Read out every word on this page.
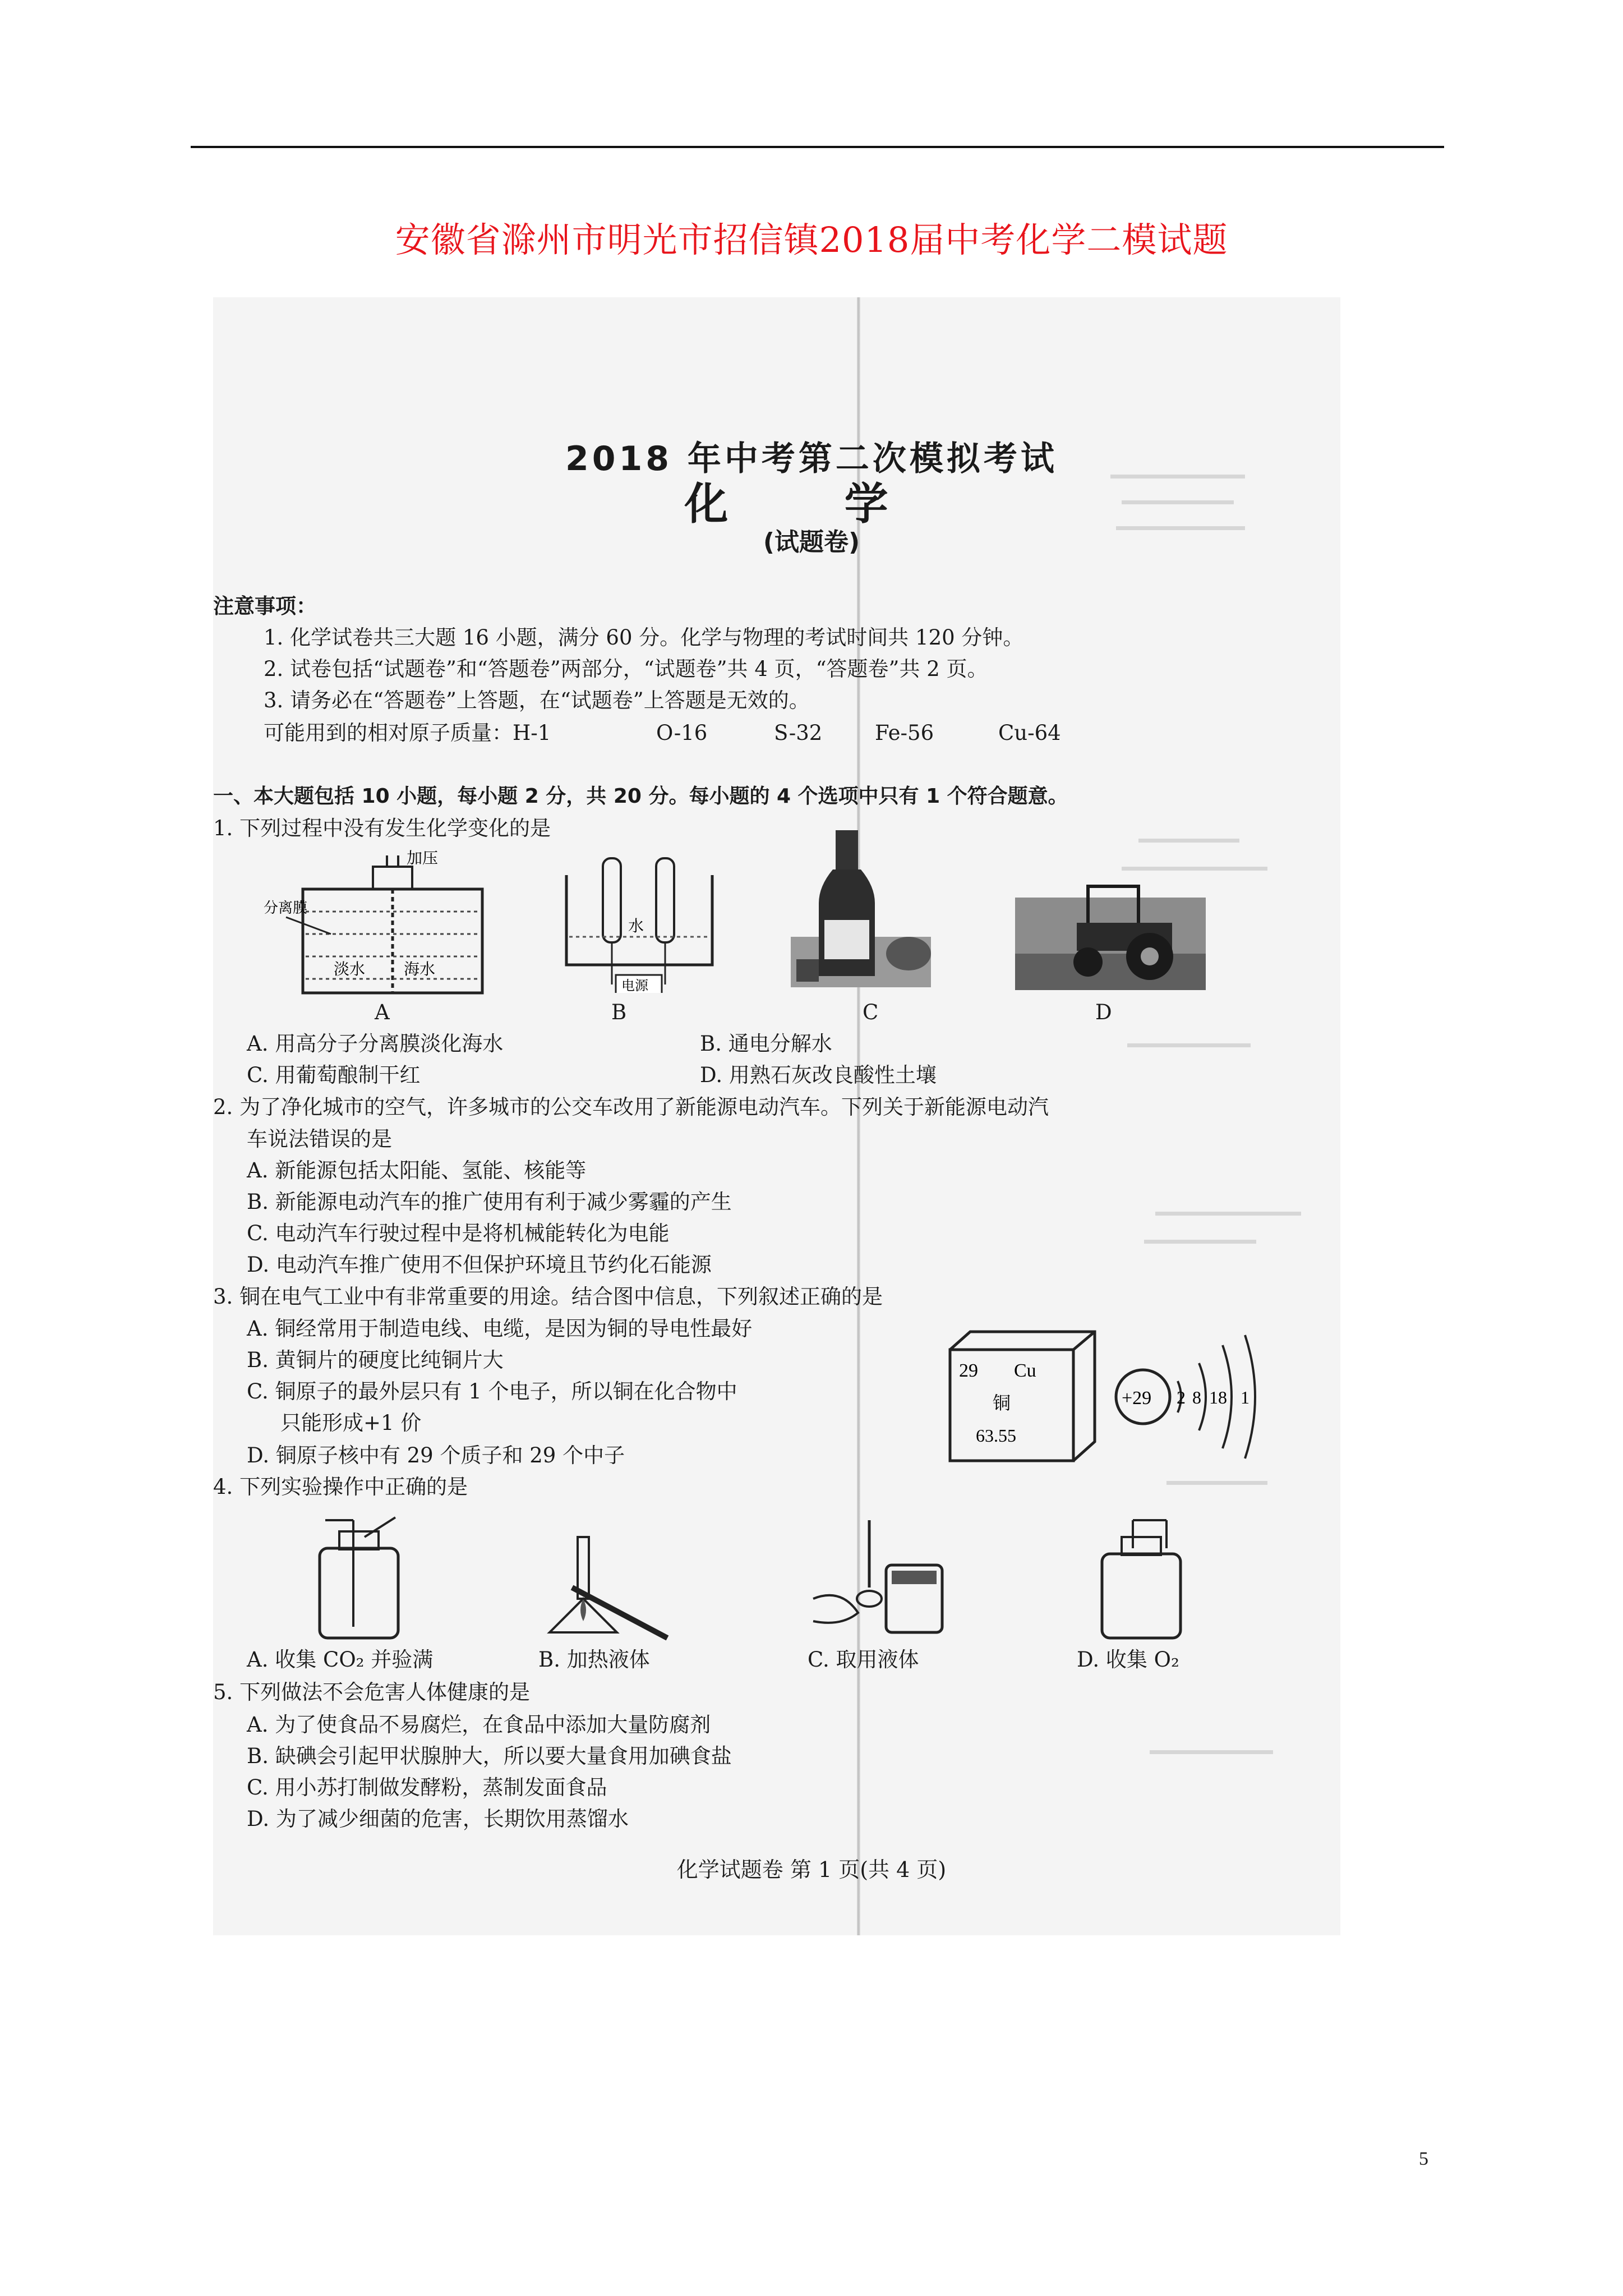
安徽省滁州市明光市招信镇2018届中考化学二模试题
2018 年中考第二次模拟考试
化 学
(试题卷)
注意事项：
1. 化学试卷共三大题 16 小题，满分 60 分。化学与物理的考试时间共 120 分钟。
2. 试卷包括“试题卷”和“答题卷”两部分，“试题卷”共 4 页，“答题卷”共 2 页。
3. 请务必在“答题卷”上答题，在“试题卷”上答题是无效的。
可能用到的相对原子质量：H-1	O-16	S-32	Fe-56	Cu-64
一、本大题包括 10 小题，每小题 2 分，共 20 分。每小题的 4 个选项中只有 1 个符合题意。
1. 下列过程中没有发生化学变化的是
加压
分离膜
淡水 海水
水
电源
A	B	C	D
A. 用高分子分离膜淡化海水	B. 通电分解水
C. 用葡萄酿制干红	D. 用熟石灰改良酸性土壤
2. 为了净化城市的空气，许多城市的公交车改用了新能源电动汽车。下列关于新能源电动汽
车说法错误的是
A. 新能源包括太阳能、氢能、核能等
B. 新能源电动汽车的推广使用有利于减少雾霾的产生
C. 电动汽车行驶过程中是将机械能转化为电能
D. 电动汽车推广使用不但保护环境且节约化石能源
3. 铜在电气工业中有非常重要的用途。结合图中信息，下列叙述正确的是
A. 铜经常用于制造电线、电缆，是因为铜的导电性最好
B. 黄铜片的硬度比纯铜片大
C. 铜原子的最外层只有 1 个电子，所以铜在化合物中
只能形成+1 价
D. 铜原子核中有 29 个质子和 29 个中子
29 Cu
铜
63.55
+29 2 8 18 1
4. 下列实验操作中正确的是
A. 收集 CO₂ 并验满	B. 加热液体	C. 取用液体	D. 收集 O₂
5. 下列做法不会危害人体健康的是
A. 为了使食品不易腐烂，在食品中添加大量防腐剂
B. 缺碘会引起甲状腺肿大，所以要大量食用加碘食盐
C. 用小苏打制做发酵粉，蒸制发面食品
D. 为了减少细菌的危害，长期饮用蒸馏水
化学试题卷 第 1 页(共 4 页)
5
